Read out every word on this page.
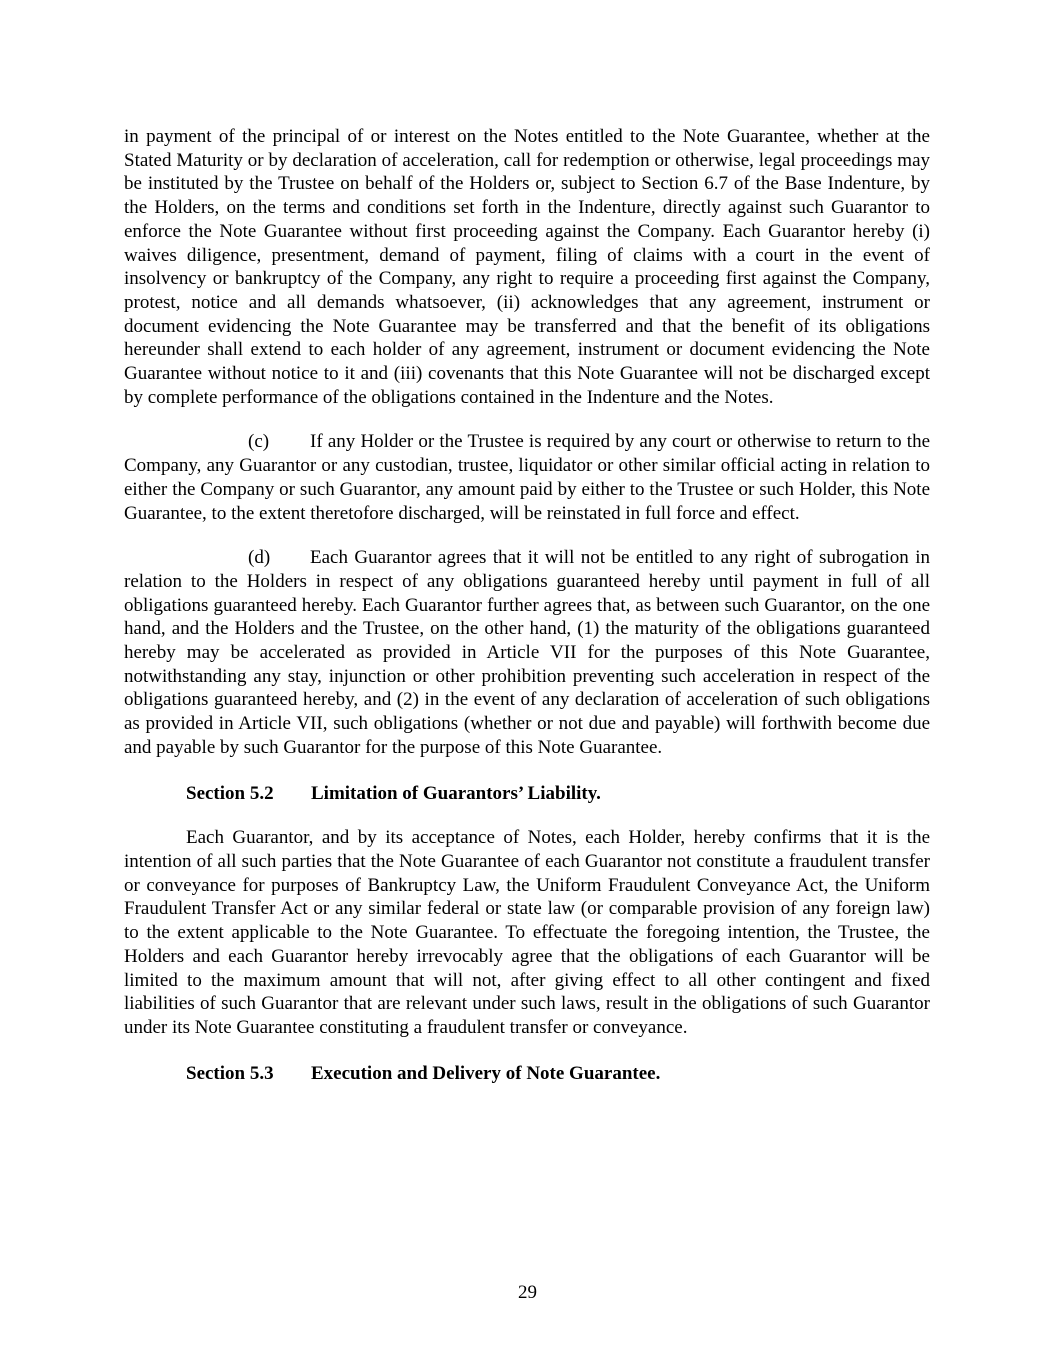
in payment of the principal of or interest on the Notes entitled to the Note Guarantee, whether at the Stated Maturity or by declaration of acceleration, call for redemption or otherwise, legal proceedings may be instituted by the Trustee on behalf of the Holders or, subject to Section 6.7 of the Base Indenture, by the Holders, on the terms and conditions set forth in the Indenture, directly against such Guarantor to enforce the Note Guarantee without first proceeding against the Company. Each Guarantor hereby (i) waives diligence, presentment, demand of payment, filing of claims with a court in the event of insolvency or bankruptcy of the Company, any right to require a proceeding first against the Company, protest, notice and all demands whatsoever, (ii) acknowledges that any agreement, instrument or document evidencing the Note Guarantee may be transferred and that the benefit of its obligations hereunder shall extend to each holder of any agreement, instrument or document evidencing the Note Guarantee without notice to it and (iii) covenants that this Note Guarantee will not be discharged except by complete performance of the obligations contained in the Indenture and the Notes.

(c) If any Holder or the Trustee is required by any court or otherwise to return to the Company, any Guarantor or any custodian, trustee, liquidator or other similar official acting in relation to either the Company or such Guarantor, any amount paid by either to the Trustee or such Holder, this Note Guarantee, to the extent theretofore discharged, will be reinstated in full force and effect.

(d) Each Guarantor agrees that it will not be entitled to any right of subrogation in relation to the Holders in respect of any obligations guaranteed hereby until payment in full of all obligations guaranteed hereby. Each Guarantor further agrees that, as between such Guarantor, on the one hand, and the Holders and the Trustee, on the other hand, (1) the maturity of the obligations guaranteed hereby may be accelerated as provided in Article VII for the purposes of this Note Guarantee, notwithstanding any stay, injunction or other prohibition preventing such acceleration in respect of the obligations guaranteed hereby, and (2) in the event of any declaration of acceleration of such obligations as provided in Article VII, such obligations (whether or not due and payable) will forthwith become due and payable by such Guarantor for the purpose of this Note Guarantee.

Section 5.2 Limitation of Guarantors’ Liability.

Each Guarantor, and by its acceptance of Notes, each Holder, hereby confirms that it is the intention of all such parties that the Note Guarantee of each Guarantor not constitute a fraudulent transfer or conveyance for purposes of Bankruptcy Law, the Uniform Fraudulent Conveyance Act, the Uniform Fraudulent Transfer Act or any similar federal or state law (or comparable provision of any foreign law) to the extent applicable to the Note Guarantee. To effectuate the foregoing intention, the Trustee, the Holders and each Guarantor hereby irrevocably agree that the obligations of each Guarantor will be limited to the maximum amount that will not, after giving effect to all other contingent and fixed liabilities of such Guarantor that are relevant under such laws, result in the obligations of such Guarantor under its Note Guarantee constituting a fraudulent transfer or conveyance.

Section 5.3 Execution and Delivery of Note Guarantee.
29
